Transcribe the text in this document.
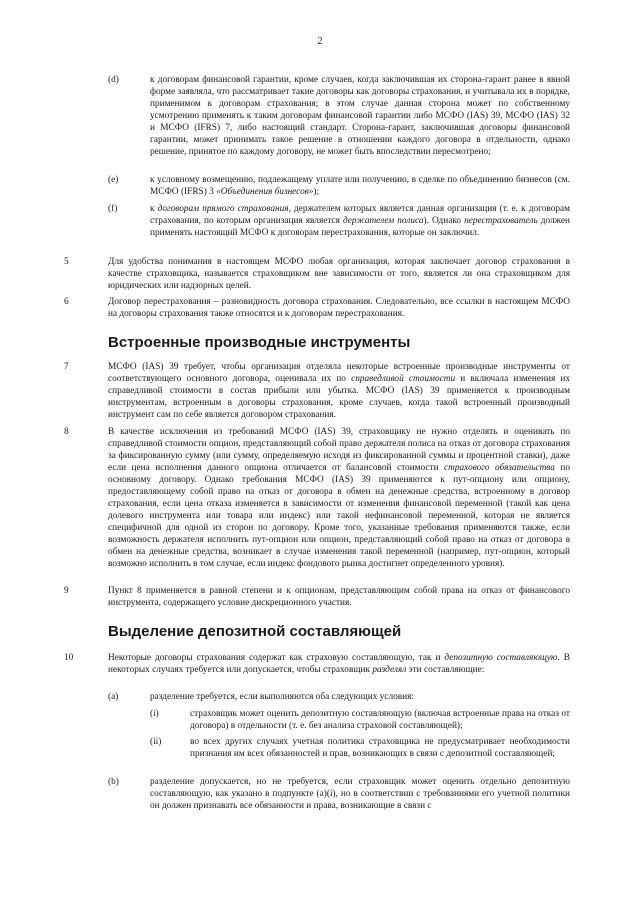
2
(d)	к договорам финансовой гарантии, кроме случаев, когда заключившая их сторона-гарант ранее в явной форме заявляла, что рассматривает такие договоры как договоры страхования, и учитывала их в порядке, применимом к договорам страхования; в этом случае данная сторона может по собственному усмотрению применять к таким договорам финансовой гарантии либо МСФО (IAS) 39, МСФО (IAS) 32 и МСФО (IFRS) 7, либо настоящий стандарт. Сторона-гарант, заключившая договоры финансовой гарантии, может принимать такое решение в отношении каждого договора в отдельности, однако решение, принятое по каждому договору, не может быть впоследствии пересмотрено;
(e)	к условному возмещению, подлежащему уплате или получению, в сделке по объединению бизнесов (см. МСФО (IFRS) 3 «Объединения бизнесов»);
(f)	к договорам прямого страхования, держателем которых является данная организация (т. е. к договорам страхования, по которым организация является держателем полиса). Однако перестрахователь должен применять настоящий МСФО к договорам перестрахования, которые он заключил.
5	Для удобства понимания в настоящем МСФО любая организация, которая заключает договор страхования в качестве страховщика, называется страховщиком вне зависимости от того, является ли она страховщиком для юридических или надзорных целей.
6	Договор перестрахования – разновидность договора страхования. Следовательно, все ссылки в настоящем МСФО на договоры страхования также относятся и к договорам перестрахования.
Встроенные производные инструменты
7	МСФО (IAS) 39 требует, чтобы организация отделяла некоторые встроенные производные инструменты от соответствующего основного договора, оценивала их по справедливой стоимости и включала изменения их справедливой стоимости в состав прибыли или убытка. МСФО (IAS) 39 применяется к производным инструментам, встроенным в договоры страхования, кроме случаев, когда такой встроенный производный инструмент сам по себе является договором страхования.
8	В качестве исключения из требований МСФО (IAS) 39, страховщику не нужно отделять и оценивать по справедливой стоимости опцион, представляющий собой право держателя полиса на отказ от договора страхования за фиксированную сумму (или сумму, определяемую исходя из фиксированной суммы и процентной ставки), даже если цена исполнения данного опциона отличается от балансовой стоимости страхового обязательства по основному договору. Однако требования МСФО (IAS) 39 применяются к пут-опциону или опциону, предоставляющему собой право на отказ от договора в обмен на денежные средства, встроенному в договор страхования, если цена отказа изменяется в зависимости от изменения финансовой переменной (такой как цена долевого инструмента или товара или индекс) или такой нефинансовой переменной, которая не является специфичной для одной из сторон по договору. Кроме того, указанные требования применяются также, если возможность держателя исполнить пут-опцион или опцион, представляющий собой право на отказ от договора в обмен на денежные средства, возникает в случае изменения такой переменной (например, пут-опцион, который возможно исполнить в том случае, если индекс фондового рынка достигнет определенного уровня).
9	Пункт 8 применяется в равной степени и к опционам, представляющим собой права на отказ от финансового инструмента, содержащего условие дискреционного участия.
Выделение депозитной составляющей
10	Некоторые договоры страхования содержат как страховую составляющую, так и депозитную составляющую. В некоторых случаях требуется или допускается, чтобы страховщик разделял эти составляющие:
(a)	разделение требуется, если выполняются оба следующих условия:
(i)	страховщик может оценить депозитную составляющую (включая встроенные права на отказ от договора) в отдельности (т. е. без анализа страховой составляющей);
(ii)	во всех других случаях учетная политика страховщика не предусматривает необходимости признания им всех обязанностей и прав, возникающих в связи с депозитной составляющей;
(b)	разделение допускается, но не требуется, если страховщик может оценить отдельно депозитную составляющую, как указано в подпункте (a)(i), но в соответствии с требованиями его учетной политики он должен признавать все обязанности и права, возникающие в связи с
